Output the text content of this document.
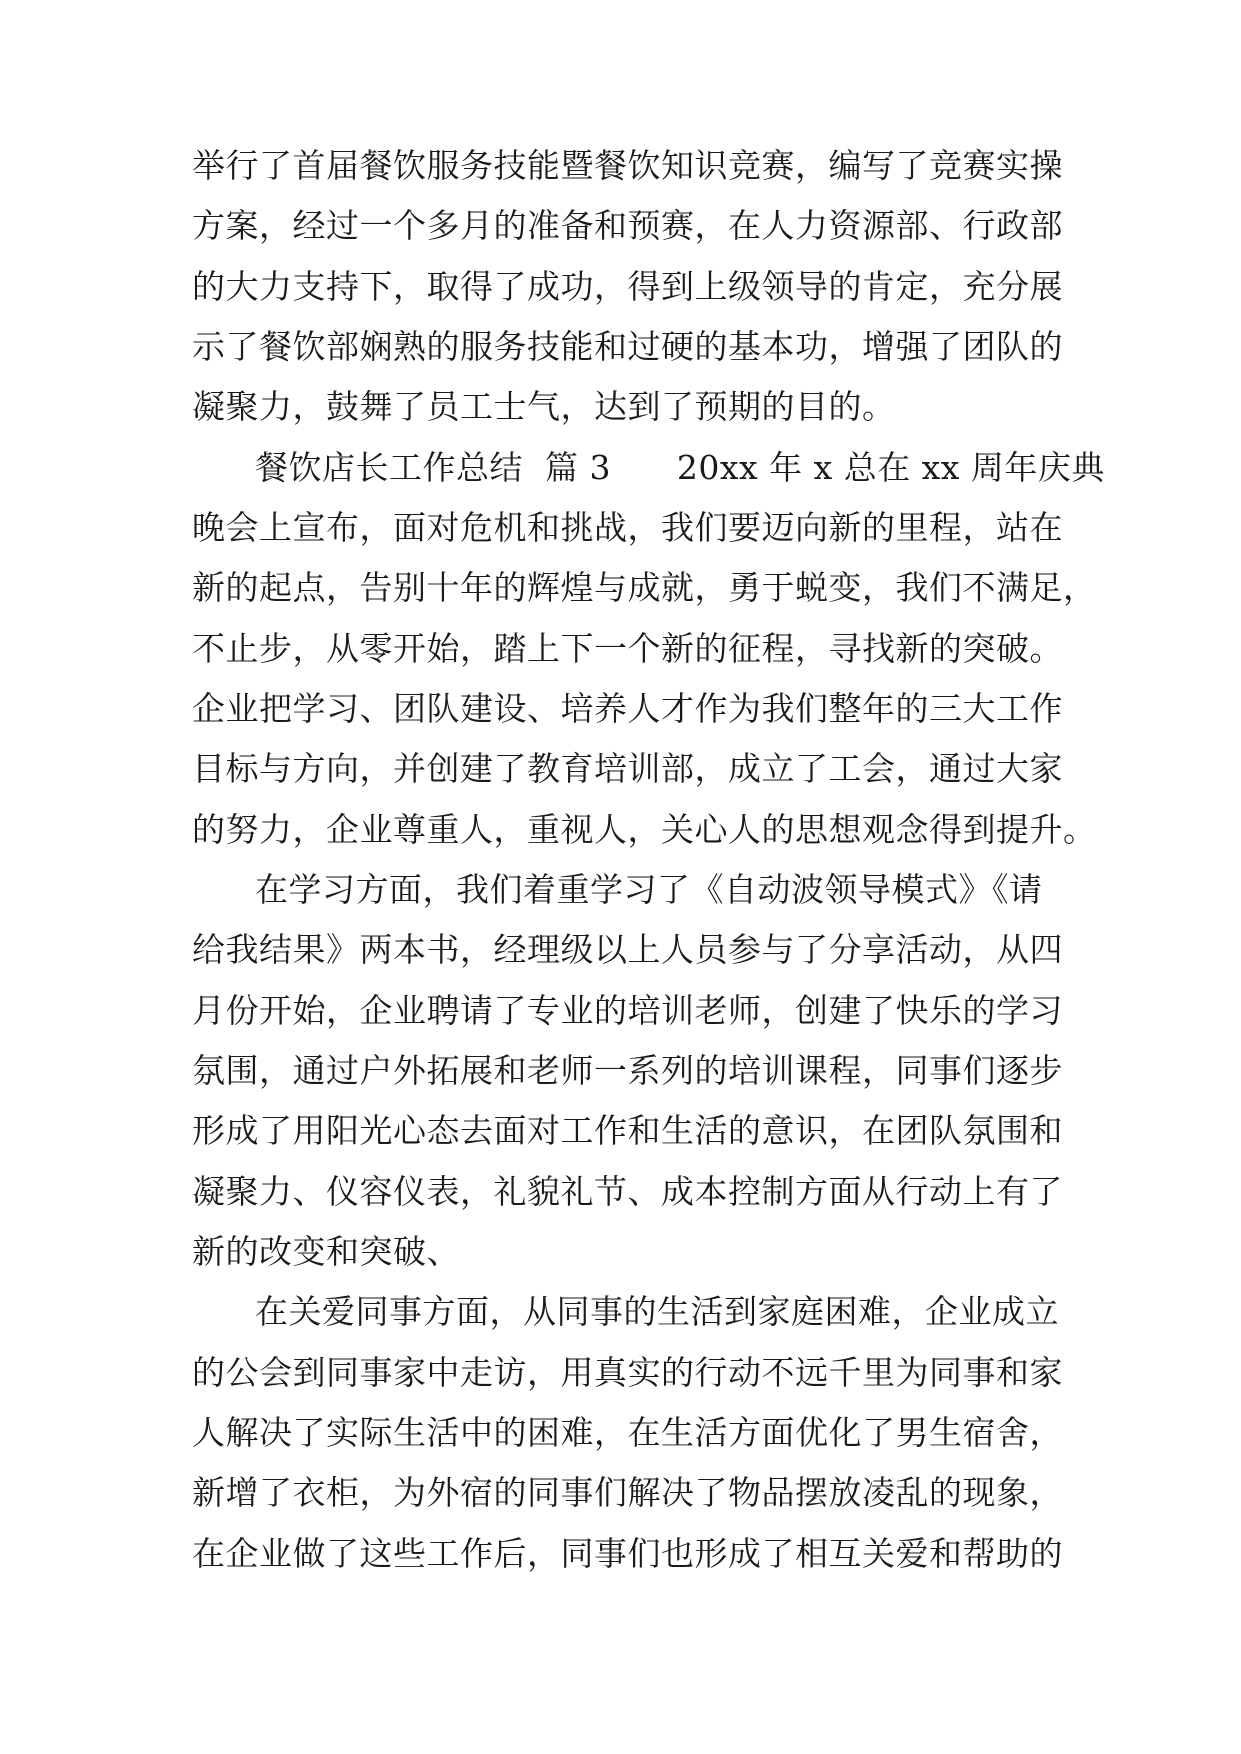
举行了首届餐饮服务技能暨餐饮知识竞赛，编写了竞赛实操
方案，经过一个多月的准备和预赛，在人力资源部、行政部
的大力支持下，取得了成功，得到上级领导的肯定，充分展
示了餐饮部娴熟的服务技能和过硬的基本功，增强了团队的
凝聚力，鼓舞了员工士气，达到了预期的目的。
餐饮店长工作总结  篇 3      20xx 年 x 总在 xx 周年庆典
晚会上宣布，面对危机和挑战，我们要迈向新的里程，站在
新的起点，告别十年的辉煌与成就，勇于蜕变，我们不满足，
不止步，从零开始，踏上下一个新的征程，寻找新的突破。
企业把学习、团队建设、培养人才作为我们整年的三大工作
目标与方向，并创建了教育培训部，成立了工会，通过大家
的努力，企业尊重人，重视人，关心人的思想观念得到提升。
在学习方面，我们着重学习了《自动波领导模式》《请
给我结果》两本书，经理级以上人员参与了分享活动，从四
月份开始，企业聘请了专业的培训老师，创建了快乐的学习
氛围，通过户外拓展和老师一系列的培训课程，同事们逐步
形成了用阳光心态去面对工作和生活的意识，在团队氛围和
凝聚力、仪容仪表，礼貌礼节、成本控制方面从行动上有了
新的改变和突破、
在关爱同事方面，从同事的生活到家庭困难，企业成立
的公会到同事家中走访，用真实的行动不远千里为同事和家
人解决了实际生活中的困难，在生活方面优化了男生宿舍，
新增了衣柜，为外宿的同事们解决了物品摆放凌乱的现象，
在企业做了这些工作后，同事们也形成了相互关爱和帮助的
